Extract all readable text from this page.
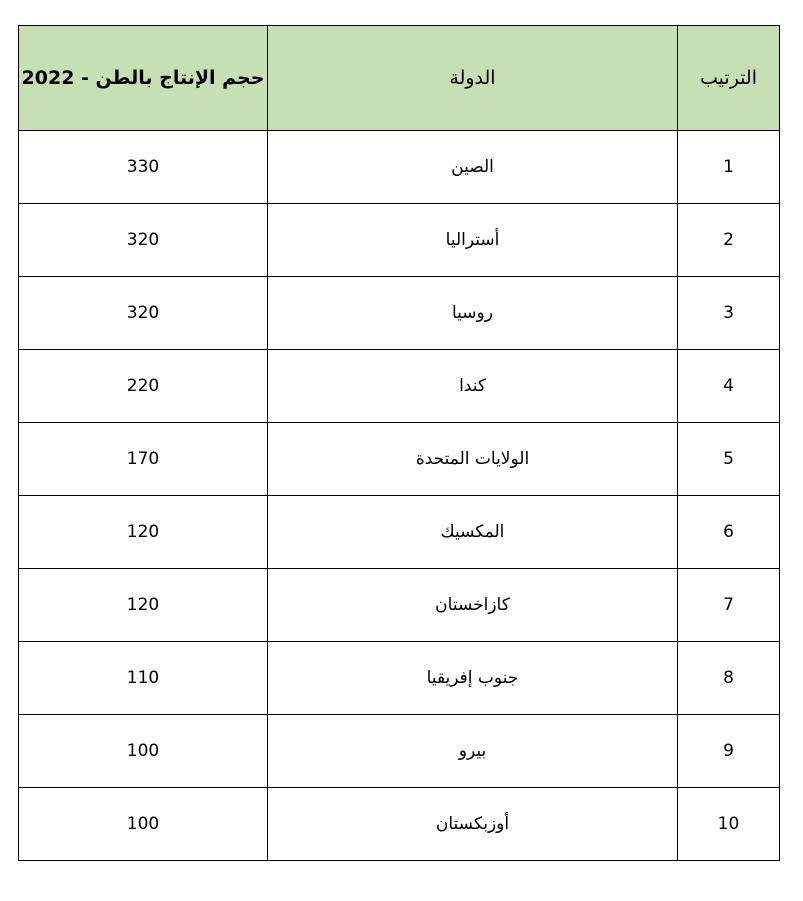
حجم الإنتاج بالطن - 2022	الدولة	الترتيب
330	الصين	1
320	أستراليا	2
320	روسيا	3
220	كندا	4
170	الولايات المتحدة	5
120	المكسيك	6
120	كازاخستان	7
110	جنوب إفريقيا	8
100	بيرو	9
100	أوزبكستان	10
